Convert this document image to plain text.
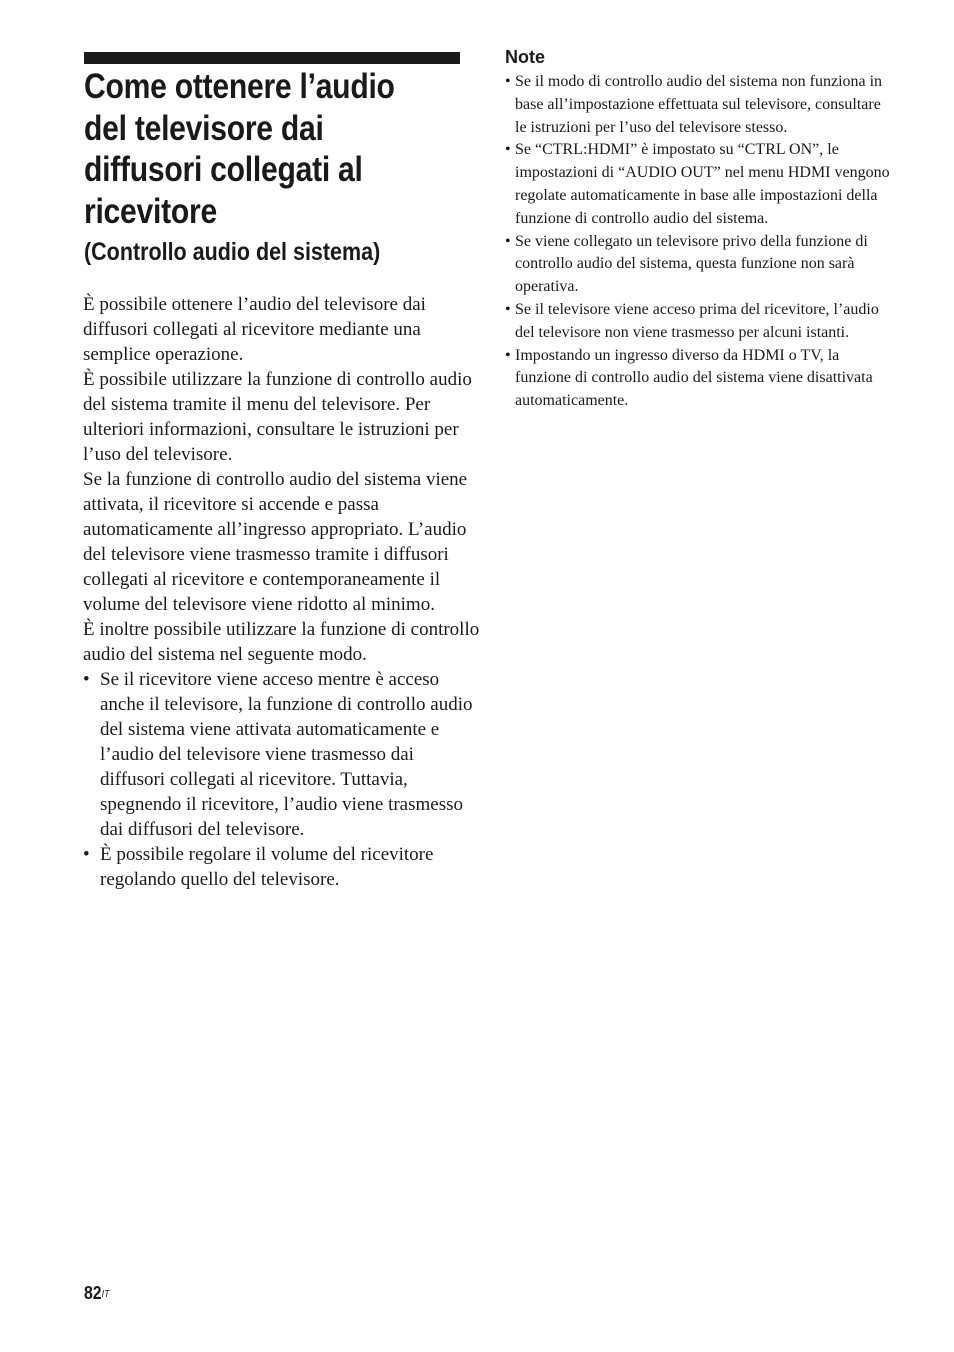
Come ottenere l’audio del televisore dai diffusori collegati al ricevitore
(Controllo audio del sistema)

È possibile ottenere l’audio del televisore dai diffusori collegati al ricevitore mediante una semplice operazione.

È possibile utilizzare la funzione di controllo audio del sistema tramite il menu del televisore. Per ulteriori informazioni, consultare le istruzioni per l’uso del televisore.

Se la funzione di controllo audio del sistema viene attivata, il ricevitore si accende e passa automaticamente all’ingresso appropriato. L’audio del televisore viene trasmesso tramite i diffusori collegati al ricevitore e contemporaneamente il volume del televisore viene ridotto al minimo.

È inoltre possibile utilizzare la funzione di controllo audio del sistema nel seguente modo.

• Se il ricevitore viene acceso mentre è acceso anche il televisore, la funzione di controllo audio del sistema viene attivata automaticamente e l’audio del televisore viene trasmesso dai diffusori collegati al ricevitore. Tuttavia, spegnendo il ricevitore, l’audio viene trasmesso dai diffusori del televisore.
• È possibile regolare il volume del ricevitore regolando quello del televisore.
Note
• Se il modo di controllo audio del sistema non funziona in base all’impostazione effettuata sul televisore, consultare le istruzioni per l’uso del televisore stesso.
• Se “CTRL:HDMI” è impostato su “CTRL ON”, le impostazioni di “AUDIO OUT” nel menu HDMI vengono regolate automaticamente in base alle impostazioni della funzione di controllo audio del sistema.
• Se viene collegato un televisore privo della funzione di controllo audio del sistema, questa funzione non sarà operativa.
• Se il televisore viene acceso prima del ricevitore, l’audio del televisore non viene trasmesso per alcuni istanti.
• Impostando un ingresso diverso da HDMI o TV, la funzione di controllo audio del sistema viene disattivata automaticamente.
$82^{IT}$
